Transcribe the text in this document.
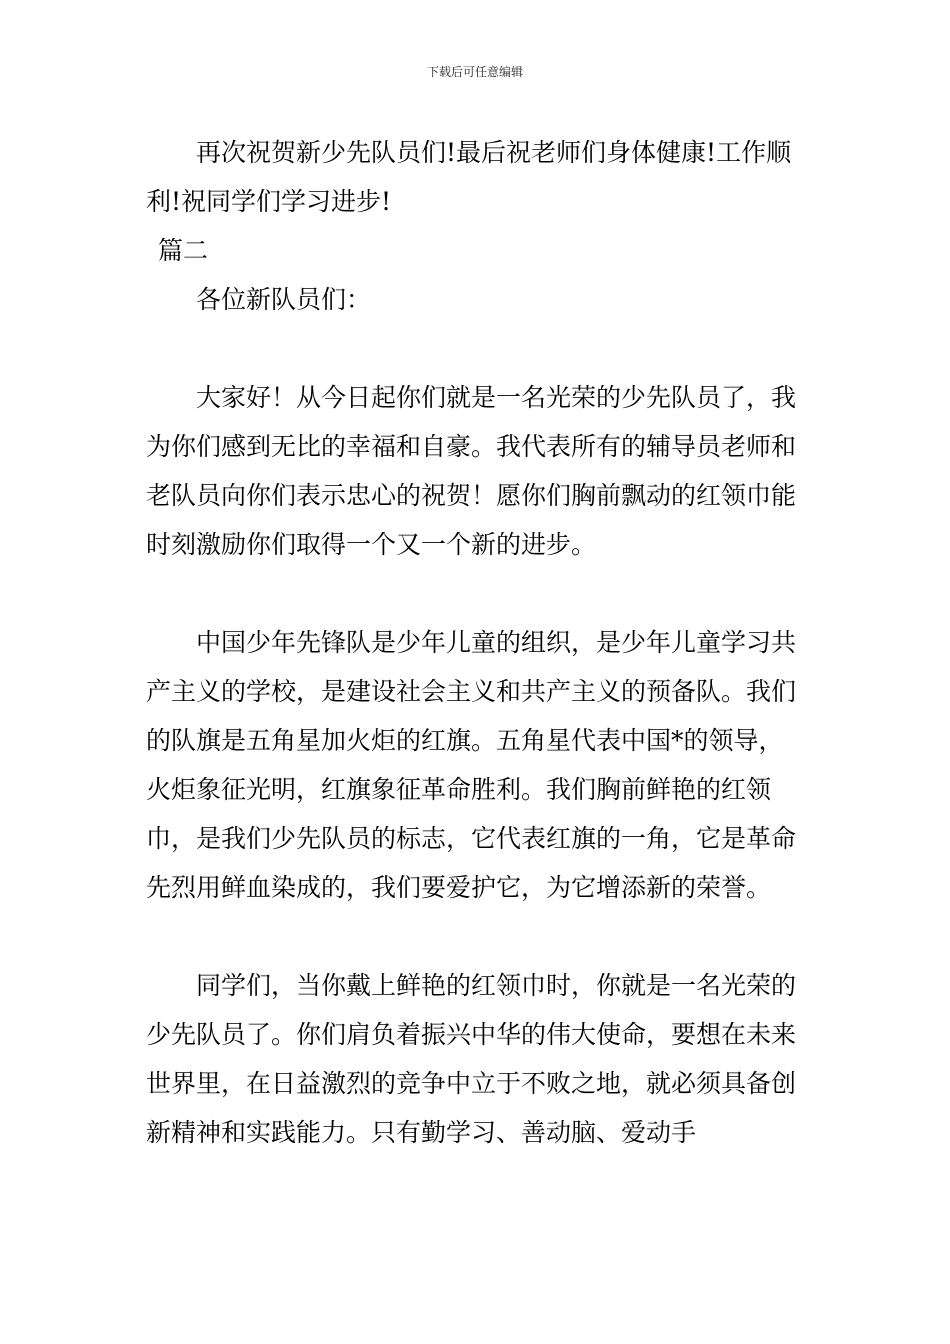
下载后可任意编辑

再次祝贺新少先队员们!最后祝老师们身体健康!工作顺利!祝同学们学习进步!

篇二

各位新队员们：

大家好！从今日起你们就是一名光荣的少先队员了，我为你们感到无比的幸福和自豪。我代表所有的辅导员老师和老队员向你们表示忠心的祝贺！愿你们胸前飘动的红领巾能时刻激励你们取得一个又一个新的进步。

中国少年先锋队是少年儿童的组织，是少年儿童学习共产主义的学校，是建设社会主义和共产主义的预备队。我们的队旗是五角星加火炬的红旗。五角星代表中国*的领导，火炬象征光明，红旗象征革命胜利。我们胸前鲜艳的红领巾，是我们少先队员的标志，它代表红旗的一角，它是革命先烈用鲜血染成的，我们要爱护它，为它增添新的荣誉。

同学们，当你戴上鲜艳的红领巾时，你就是一名光荣的少先队员了。你们肩负着振兴中华的伟大使命，要想在未来世界里，在日益激烈的竞争中立于不败之地，就必须具备创新精神和实践能力。只有勤学习、善动脑、爱动手
